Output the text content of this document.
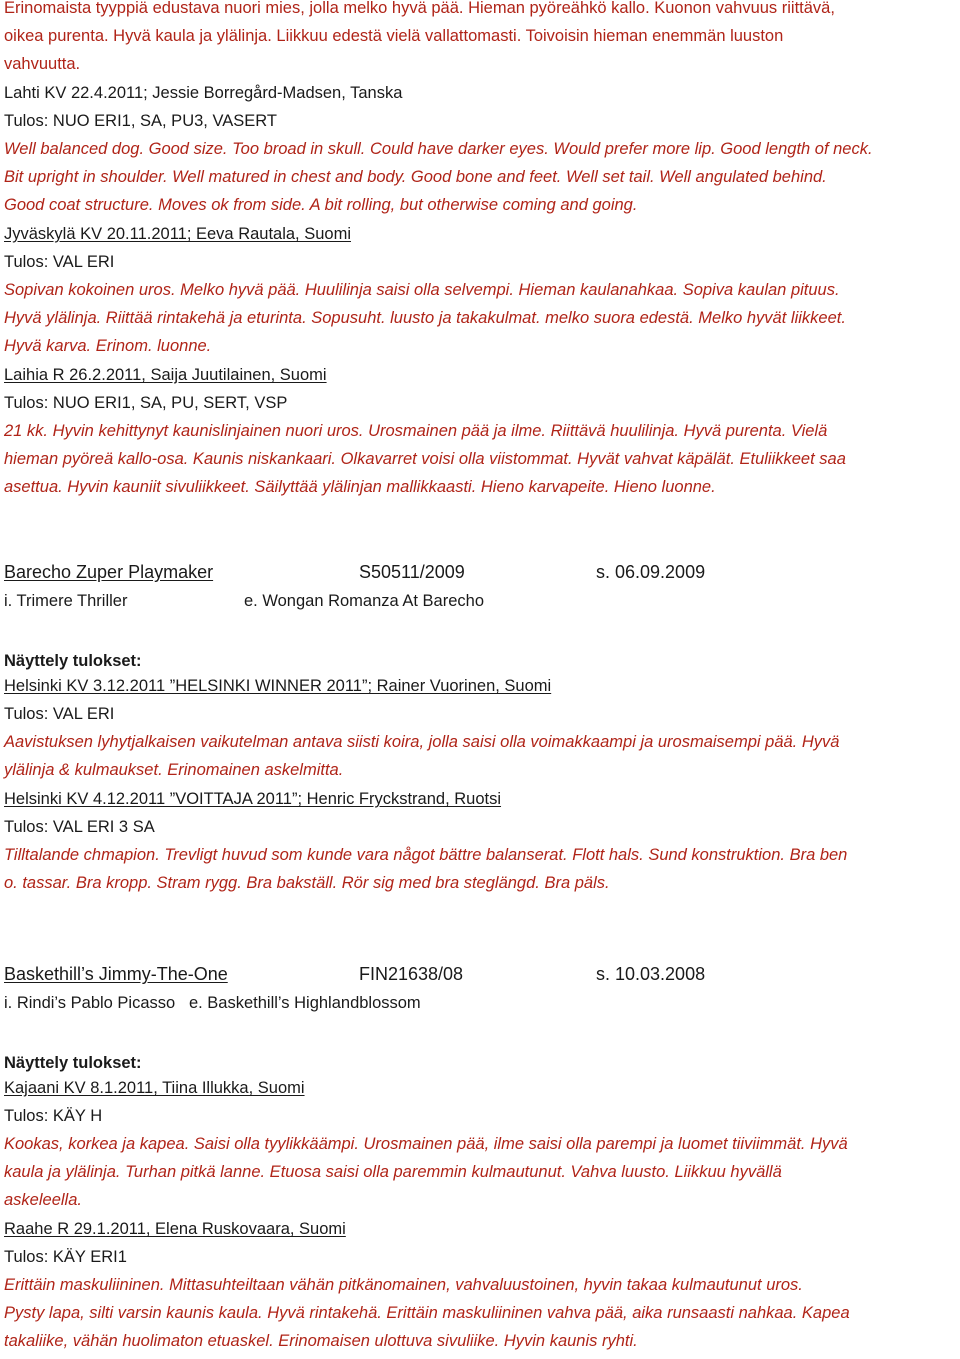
Erinomaista tyyppiä edustava nuori mies, jolla melko hyvä pää. Hieman pyöreähkö kallo. Kuonon vahvuus riittävä,
oikea purenta. Hyvä kaula ja ylälinja. Liikkuu edestä vielä vallattomasti. Toivoisin hieman enemmän luuston
vahvuutta.
Lahti KV 22.4.2011; Jessie Borregård-Madsen, Tanska
Tulos: NUO ERI1, SA, PU3, VASERT
Well balanced dog. Good size. Too broad in skull. Could have darker eyes. Would prefer more lip. Good length of neck.
Bit upright in shoulder. Well matured in chest and body. Good bone and feet. Well set tail. Well angulated behind.
Good coat structure. Moves ok from side. A bit rolling, but otherwise coming and going.
Jyväskylä KV 20.11.2011; Eeva Rautala, Suomi
Tulos: VAL ERI
Sopivan kokoinen uros. Melko hyvä pää. Huulilinja saisi olla selvempi. Hieman kaulanahkaa. Sopiva kaulan pituus.
Hyvä ylälinja. Riittää rintakehä ja eturinta. Sopusuht. luusto ja takakulmat. melko suora edestä. Melko hyvät liikkeet.
Hyvä karva. Erinom. luonne.
Laihia R 26.2.2011, Saija Juutilainen, Suomi
Tulos: NUO ERI1, SA, PU, SERT, VSP
21 kk. Hyvin kehittynyt kaunislinjainen nuori uros. Urosmainen pää ja ilme. Riittävä huulilinja. Hyvä purenta. Vielä
hieman pyöreä kallo-osa. Kaunis niskankaari. Olkavarret voisi olla viistommat. Hyvät vahvat käpälät. Etuliikkeet saa
asettua. Hyvin kauniit sivuliikkeet. Säilyttää ylälinjan mallikkaasti. Hieno karvapeite. Hieno luonne.
Barecho Zuper Playmaker	S50511/2009	s. 06.09.2009
i. Trimere Thriller	e. Wongan Romanza At Barecho
Näyttely tulokset:
Helsinki KV 3.12.2011 ”HELSINKI WINNER 2011”; Rainer Vuorinen, Suomi
Tulos: VAL ERI
Aavistuksen lyhytjalkaisen vaikutelman antava siisti koira, jolla saisi olla voimakkaampi ja urosmaisempi pää. Hyvä
ylälinja & kulmaukset. Erinomainen askelmitta.
Helsinki KV 4.12.2011 ”VOITTAJA 2011”; Henric Fryckstrand, Ruotsi
Tulos: VAL ERI 3 SA
Tilltalande chmapion. Trevligt huvud som kunde vara något bättre balanserat. Flott hals. Sund konstruktion. Bra ben
o. tassar. Bra kropp. Stram rygg. Bra bakställ. Rör sig med bra steglängd. Bra päls.
Baskethill’s Jimmy-The-One	FIN21638/08	s. 10.03.2008
i. Rindi’s Pablo Picasso   e. Baskethill’s Highlandblossom
Näyttely tulokset:
Kajaani KV 8.1.2011, Tiina Illukka, Suomi
Tulos: KÄY H
Kookas, korkea ja kapea. Saisi olla tyylikkäämpi. Urosmainen pää, ilme saisi olla parempi ja luomet tiiviimmät. Hyvä
kaula ja ylälinja. Turhan pitkä lanne. Etuosa saisi olla paremmin kulmautunut. Vahva luusto. Liikkuu hyvällä
askeleella.
Raahe R 29.1.2011, Elena Ruskovaara, Suomi
Tulos: KÄY ERI1
Erittäin maskuliininen. Mittasuhteiltaan vähän pitkänomainen, vahvaluustoinen, hyvin takaa kulmautunut uros.
Pysty lapa, silti varsin kaunis kaula. Hyvä rintakehä. Erittäin maskuliininen vahva pää, aika runsaasti nahkaa. Kapea
takaliike, vähän huolimaton etuaskel. Erinomaisen ulottuva sivuliike. Hyvin kaunis ryhti.
